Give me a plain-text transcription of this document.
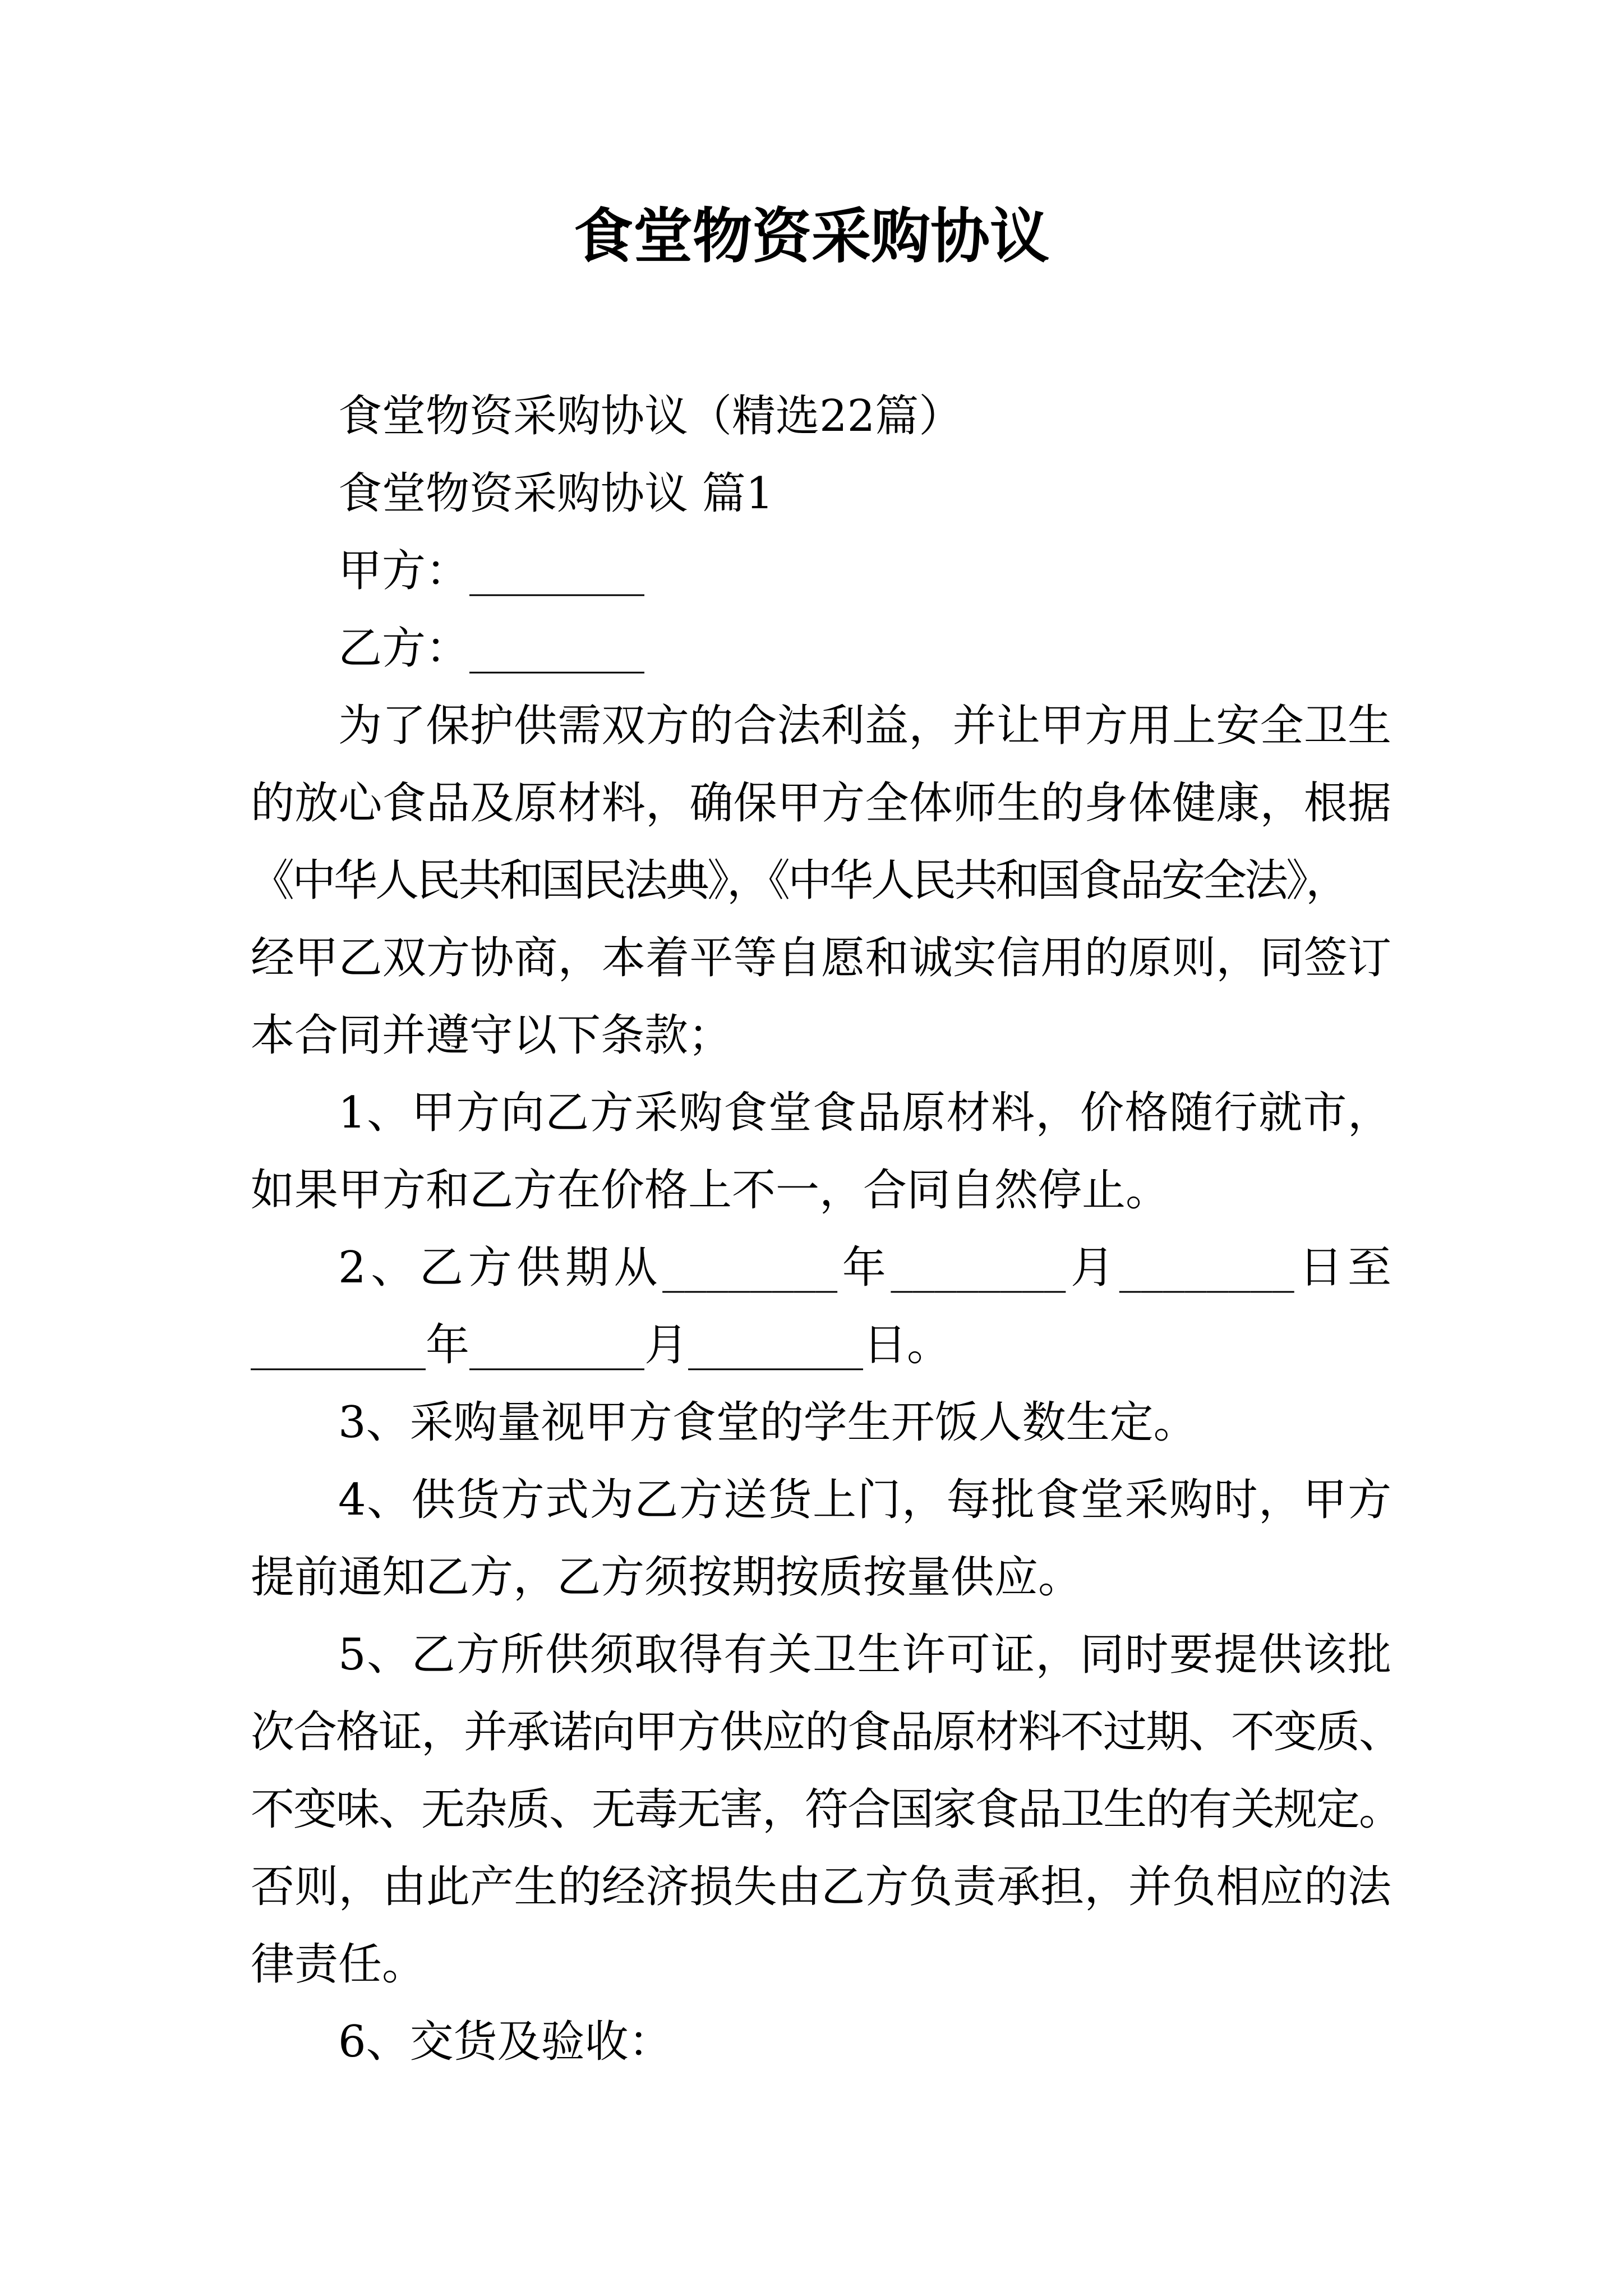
食堂物资采购协议
食堂物资采购协议（精选22篇）
食堂物资采购协议 篇1
甲方：________
乙方：________
为了保护供需双方的合法利益，并让甲方用上安全卫生
的放心食品及原材料，确保甲方全体师生的身体健康，根据
《中华人民共和国民法典》，《中华人民共和国食品安全法》，
经甲乙双方协商，本着平等自愿和诚实信用的原则，同签订
本合同并遵守以下条款；
1、甲方向乙方采购食堂食品原材料，价格随行就市，
如果甲方和乙方在价格上不一，合同自然停止。
2、乙方供期从________年________月________日至
________年________月________日。
3、采购量视甲方食堂的学生开饭人数生定。
4、供货方式为乙方送货上门，每批食堂采购时，甲方
提前通知乙方，乙方须按期按质按量供应。
5、乙方所供须取得有关卫生许可证，同时要提供该批
次合格证，并承诺向甲方供应的食品原材料不过期、不变质、
不变味、无杂质、无毒无害，符合国家食品卫生的有关规定。
否则，由此产生的经济损失由乙方负责承担，并负相应的法
律责任。
6、交货及验收：
